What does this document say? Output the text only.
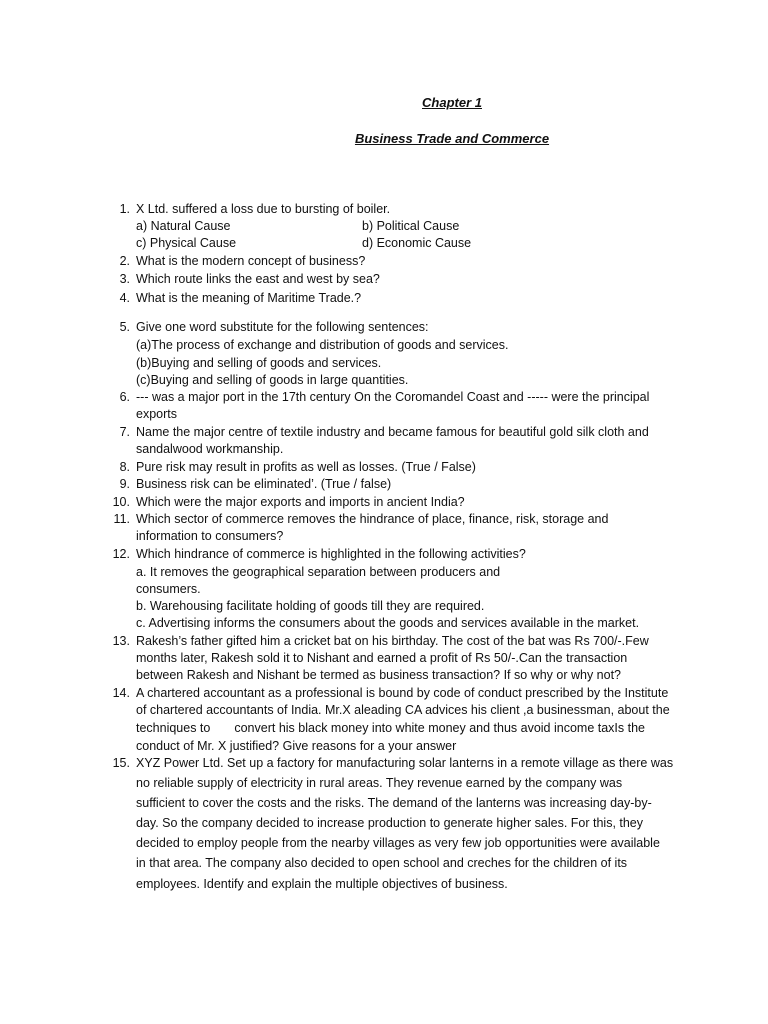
Chapter 1
Business Trade and Commerce
1. X Ltd. suffered a loss due to bursting of boiler.
a) Natural Cause	b) Political Cause
c) Physical Cause	d) Economic Cause
2. What is the modern concept of business?
3. Which route links the east and west by sea?
4. What is the meaning of Maritime Trade.?
5. Give one word substitute for the following sentences:
(a)The process of exchange and distribution of goods and services.
(b)Buying and selling of goods and services.
(c)Buying and selling of goods in large quantities.
6. --- was a major port in the 17th century On the Coromandel Coast and ----- were the principal
exports
7. Name the major centre of textile industry and became famous for beautiful gold silk cloth and
sandalwood workmanship.
8. Pure risk may result in profits as well as losses. (True / False)
9. Business risk can be eliminated’. (True / false)
10. Which were the major exports and imports in ancient India?
11. Which sector of commerce removes the hindrance of place, finance, risk, storage and
information to consumers?
12. Which hindrance of commerce is highlighted in the following activities?
a. It removes the geographical separation between producers and
consumers.
b. Warehousing facilitate holding of goods till they are required.
c. Advertising informs the consumers about the goods and services available in the market.
13. Rakesh’s father gifted him a cricket bat on his birthday. The cost of the bat was Rs 700/-.Few
months later, Rakesh sold it to Nishant and earned a profit of Rs 50/-.Can the transaction
between Rakesh and Nishant be termed as business transaction? If so why or why not?
14. A chartered accountant as a professional is bound by code of conduct prescribed by the Institute
of chartered accountants of India. Mr.X aleading CA advices his client ,a businessman, about the
techniques to convert his black money into white money and thus avoid income taxIs the
conduct of Mr. X justified? Give reasons for a your answer
15. XYZ Power Ltd. Set up a factory for manufacturing solar lanterns in a remote village as there was
no reliable supply of electricity in rural areas. They revenue earned by the company was
sufficient to cover the costs and the risks. The demand of the lanterns was increasing day-by-
day. So the company decided to increase production to generate higher sales. For this, they
decided to employ people from the nearby villages as very few job opportunities were available
in that area. The company also decided to open school and creches for the children of its
employees. Identify and explain the multiple objectives of business.
